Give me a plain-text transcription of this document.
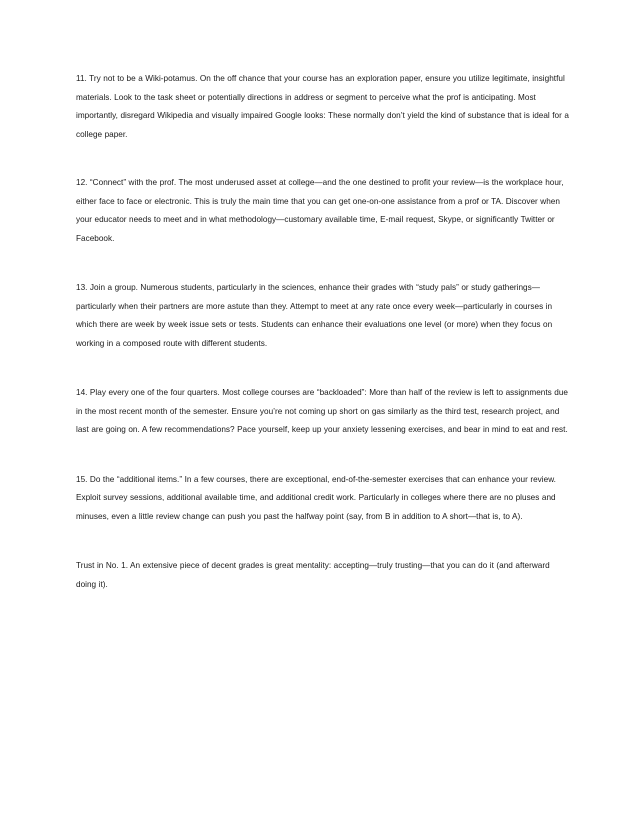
11. Try not to be a Wiki-potamus. On the off chance that your course has an exploration paper, ensure you utilize legitimate, insightful materials. Look to the task sheet or potentially directions in address or segment to perceive what the prof is anticipating. Most importantly, disregard Wikipedia and visually impaired Google looks: These normally don’t yield the kind of substance that is ideal for a college paper.

12. “Connect” with the prof. The most underused asset at college—and the one destined to profit your review—is the workplace hour, either face to face or electronic. This is truly the main time that you can get one-on-one assistance from a prof or TA. Discover when your educator needs to meet and in what methodology—customary available time, E-mail request, Skype, or significantly Twitter or Facebook.

13. Join a group. Numerous students, particularly in the sciences, enhance their grades with “study pals” or study gatherings—particularly when their partners are more astute than they. Attempt to meet at any rate once every week—particularly in courses in which there are week by week issue sets or tests. Students can enhance their evaluations one level (or more) when they focus on working in a composed route with different students.

14. Play every one of the four quarters. Most college courses are “backloaded”: More than half of the review is left to assignments due in the most recent month of the semester. Ensure you’re not coming up short on gas similarly as the third test, research project, and last are going on. A few recommendations? Pace yourself, keep up your anxiety lessening exercises, and bear in mind to eat and rest.

15. Do the “additional items.” In a few courses, there are exceptional, end-of-the-semester exercises that can enhance your review. Exploit survey sessions, additional available time, and additional credit work. Particularly in colleges where there are no pluses and minuses, even a little review change can push you past the halfway point (say, from B in addition to A short—that is, to A).

Trust in No. 1. An extensive piece of decent grades is great mentality: accepting—truly trusting—that you can do it (and afterward doing it).
